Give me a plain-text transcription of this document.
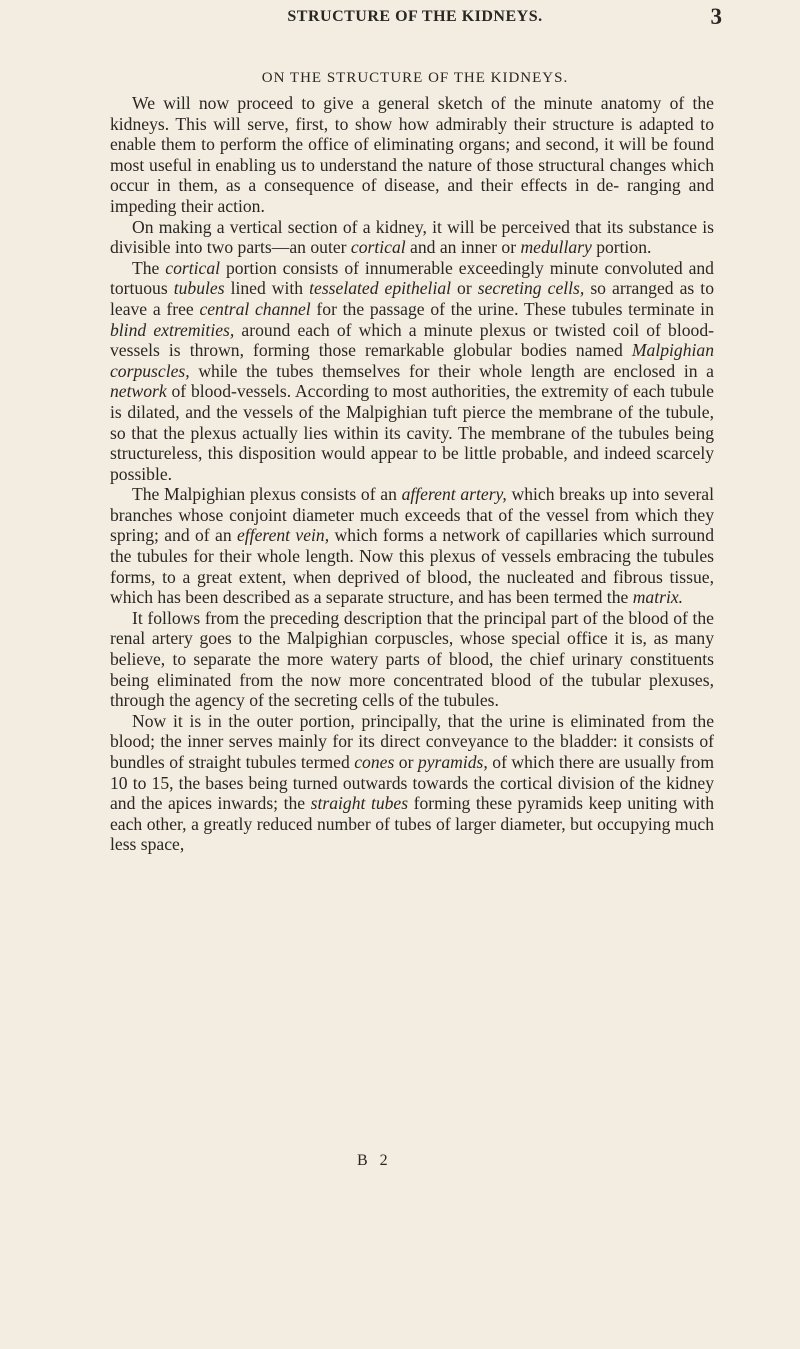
STRUCTURE OF THE KIDNEYS.	3
ON THE STRUCTURE OF THE KIDNEYS.

We will now proceed to give a general sketch of the minute anatomy of the kidneys. This will serve, first, to show how admirably their structure is adapted to enable them to perform the office of eliminating organs; and second, it will be found most useful in enabling us to understand the nature of those structural changes which occur in them, as a consequence of disease, and their effects in de- ranging and impeding their action.

On making a vertical section of a kidney, it will be perceived that its substance is divisible into two parts—an outer cortical and an inner or medullary portion.

The cortical portion consists of innumerable exceedingly minute convoluted and tortuous tubules lined with tesselated epithelial or secreting cells, so arranged as to leave a free central channel for the passage of the urine. These tubules terminate in blind extremities, around each of which a minute plexus or twisted coil of blood-vessels is thrown, forming those remarkable globular bodies named Malpighian corpuscles, while the tubes themselves for their whole length are enclosed in a network of blood-vessels. According to most authorities, the extremity of each tubule is dilated, and the vessels of the Malpighian tuft pierce the membrane of the tubule, so that the plexus actually lies within its cavity. The membrane of the tubules being structureless, this disposition would appear to be little probable, and indeed scarcely possible.

The Malpighian plexus consists of an afferent artery, which breaks up into several branches whose conjoint diameter much exceeds that of the vessel from which they spring; and of an efferent vein, which forms a network of capillaries which surround the tubules for their whole length. Now this plexus of vessels embracing the tubules forms, to a great extent, when deprived of blood, the nucleated and fibrous tissue, which has been described as a separate structure, and has been termed the matrix.

It follows from the preceding description that the principal part of the blood of the renal artery goes to the Malpighian corpuscles, whose special office it is, as many believe, to separate the more watery parts of blood, the chief urinary constituents being eliminated from the now more concentrated blood of the tubular plexuses, through the agency of the secreting cells of the tubules.

Now it is in the outer portion, principally, that the urine is eliminated from the blood; the inner serves mainly for its direct conveyance to the bladder: it consists of bundles of straight tubules termed cones or pyramids, of which there are usually from 10 to 15, the bases being turned outwards towards the cortical division of the kidney and the apices inwards; the straight tubes forming these pyramids keep uniting with each other, a greatly reduced number of tubes of larger diameter, but occupying much less space,

B 2
